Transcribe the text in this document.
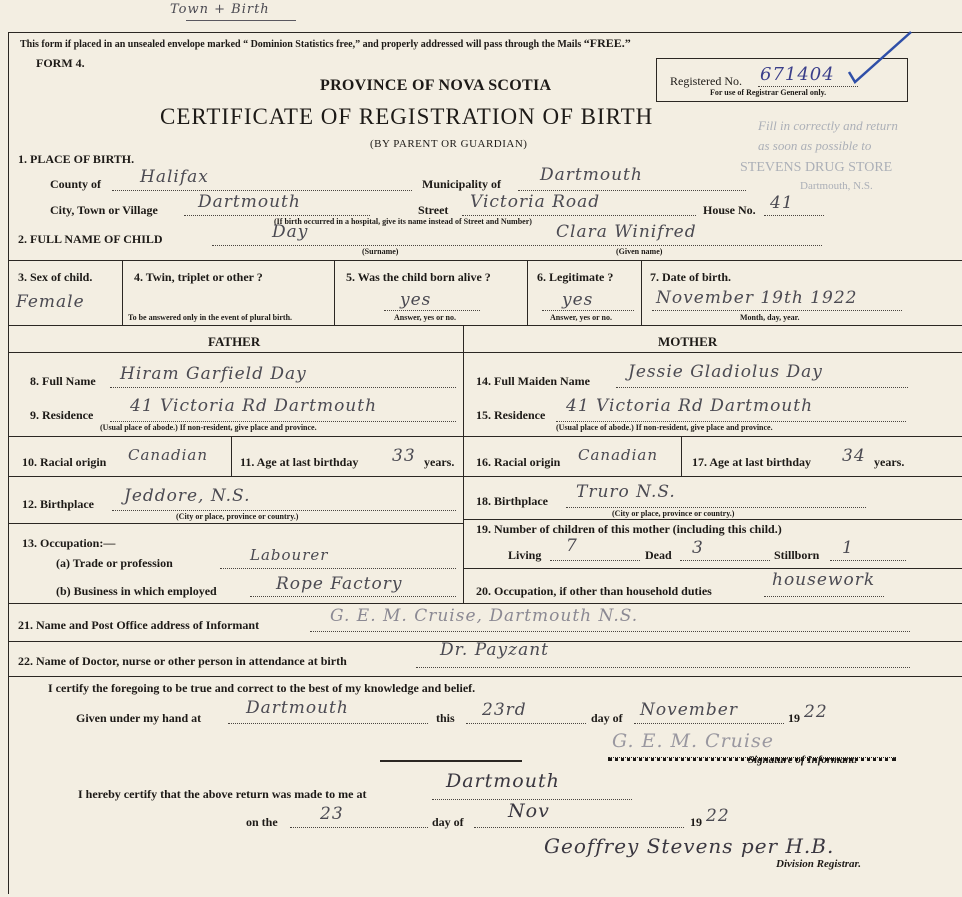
Town + Birth
This form if placed in an unsealed envelope marked “ Dominion Statistics free,” and properly addressed will pass through the Mails “FREE.”
FORM 4.
Registered No. 671404
For use of Registrar General only.
Fill in correctly and return
as soon as possible to
STEVENS DRUG STORE
Dartmouth, N.S.
PROVINCE OF NOVA SCOTIA
CERTIFICATE OF REGISTRATION OF BIRTH
(BY PARENT OR GUARDIAN)
1. PLACE OF BIRTH.
County of Halifax	Municipality of Dartmouth
City, Town or Village Dartmouth	Street Victoria Road
(If birth occurred in a hospital, give its name instead of Street and Number)
House No. 41
2. FULL NAME OF CHILD	Day
(Surname)
Clara Winifred
(Given name)
3. Sex of child.
Female
4. Twin, triplet or other ?
To be answered only in the event of plural birth.
5. Was the child born alive ?
yes
Answer, yes or no.
6. Legitimate ?
yes
Answer, yes or no.
7. Date of birth.
November 19th 1922
Month, day, year.
FATHER
8. Full Name Hiram Garfield Day
9. Residence 41 Victoria Rd Dartmouth
(Usual place of abode.) If non-resident, give place and province.
10. Racial origin Canadian	11. Age at last birthday 33 years.
12. Birthplace Jeddore, N.S.
(City or place, province or country.)
13. Occupation:—
(a) Trade or profession	Labourer
(b) Business in which employed	Rope Factory
MOTHER
14. Full Maiden Name Jessie Gladiolus Day
15. Residence 41 Victoria Rd Dartmouth
(Usual place of abode.) If non-resident, give place and province.
16. Racial origin Canadian	17. Age at last birthday 34 years.
18. Birthplace Truro N.S.
(City or place, province or country.)
19. Number of children of this mother (including this child.)
Living 7	Dead 3	Stillborn 1
20. Occupation, if other than household duties
housework
21. Name and Post Office address of Informant	G. E. M. Cruise, Dartmouth N.S.
22. Name of Doctor, nurse or other person in attendance at birth
Dr. Payzant
I certify the foregoing to be true and correct to the best of my knowledge and belief.
Given under my hand at	Dartmouth	this 23rd	day of November	19 22
G. E. M. Cruise
Signature of Informant.
I hereby certify that the above return was made to me at
Dartmouth
on the 23	day of Nov	19 22
Geoffrey Stevens per H.B.
Division Registrar.
